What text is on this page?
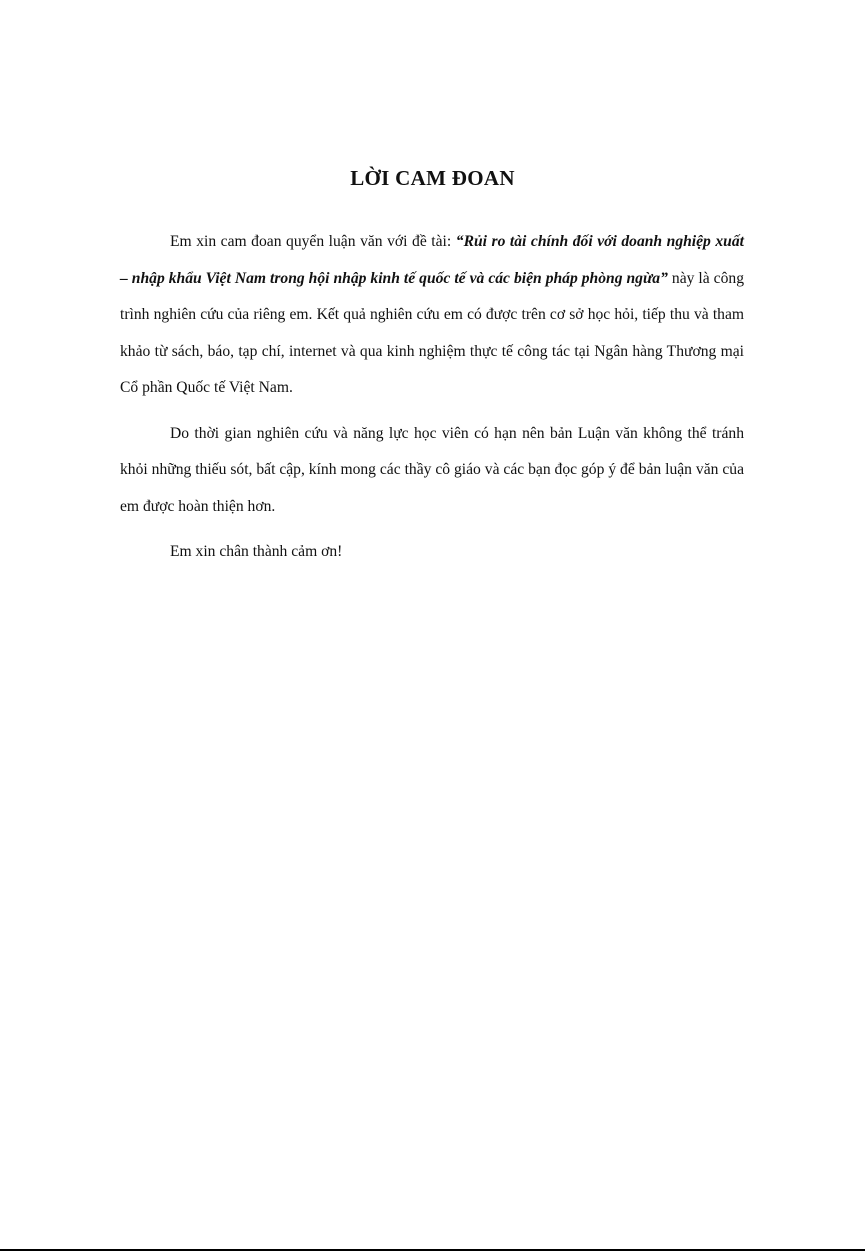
LỜI CAM ĐOAN

Em xin cam đoan quyển luận văn với đề tài: “Rủi ro tài chính đối với doanh nghiệp xuất – nhập khẩu Việt Nam trong hội nhập kinh tế quốc tế và các biện pháp phòng ngừa” này là công trình nghiên cứu của riêng em. Kết quả nghiên cứu em có được trên cơ sở học hỏi, tiếp thu và tham khảo từ sách, báo, tạp chí, internet và qua kinh nghiệm thực tế công tác tại Ngân hàng Thương mại Cổ phần Quốc tế Việt Nam.

Do thời gian nghiên cứu và năng lực học viên có hạn nên bản Luận văn không thể tránh khỏi những thiếu sót, bất cập, kính mong các thầy cô giáo và các bạn đọc góp ý để bản luận văn của em được hoàn thiện hơn.

Em xin chân thành cảm ơn!
